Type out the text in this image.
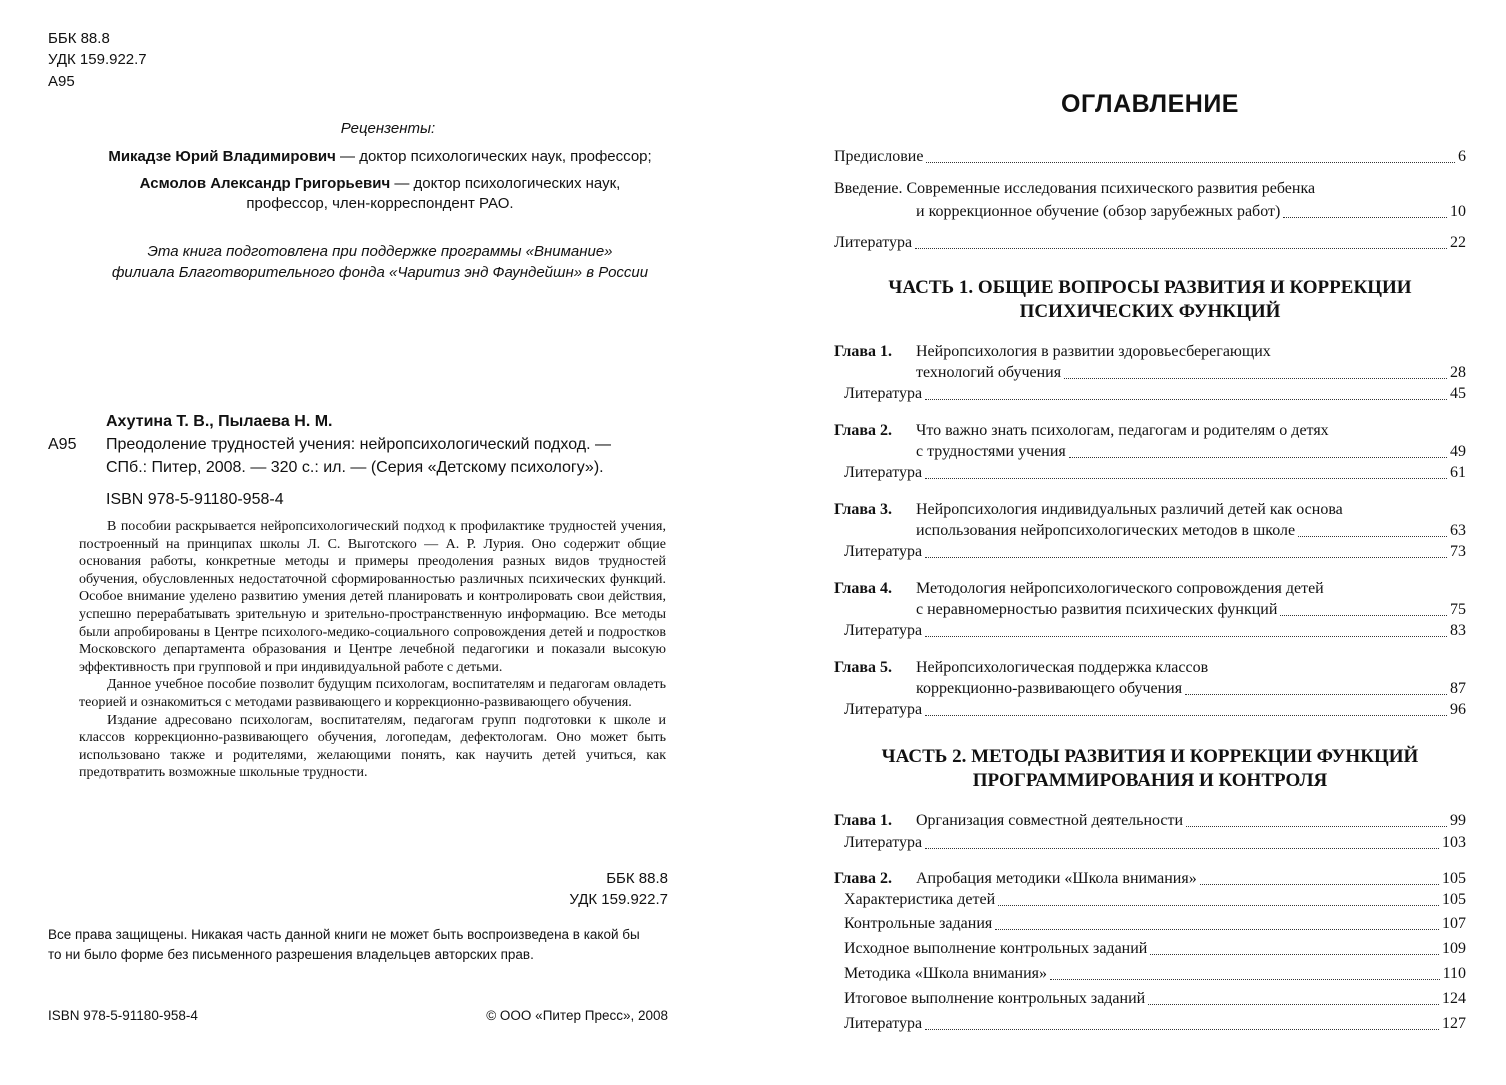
ББК 88.8
УДК 159.922.7
А95
Рецензенты:
Микадзе Юрий Владимирович — доктор психологических наук, профессор;
Асмолов Александр Григорьевич — доктор психологических наук,
профессор, член-корреспондент РАО.
Эта книга подготовлена при поддержке программы «Внимание»
филиала Благотворительного фонда «Чаритиз энд Фаундейшн» в России
Ахутина Т. В., Пылаева Н. М.
А95 Преодоление трудностей учения: нейропсихологический подход. —
СПб.: Питер, 2008. — 320 с.: ил. — (Серия «Детскому психологу»).
ISBN 978-5-91180-958-4

В пособии раскрывается нейропсихологический подход к профилактике трудностей учения, построенный на принципах школы Л. С. Выготского — А. Р. Лурия. Оно содержит общие основания работы, конкретные методы и примеры преодоления разных видов трудностей обучения, обусловленных недостаточной сформированностью различных психических функций. Особое внимание уделено развитию умения детей планировать и контролировать свои действия, успешно перерабатывать зрительную и зрительно-пространственную информацию. Все методы были апробированы в Центре психолого-медико-социального сопровождения детей и подростков Московского департамента образования и Центре лечебной педагогики и показали высокую эффективность при групповой и при индивидуальной работе с детьми.

Данное учебное пособие позволит будущим психологам, воспитателям и педагогам овладеть теорией и ознакомиться с методами развивающего и коррекционно-развивающего обучения.

Издание адресовано психологам, воспитателям, педагогам групп подготовки к школе и классов коррекционно-развивающего обучения, логопедам, дефектологам. Оно может быть использовано также и родителями, желающими понять, как научить детей учиться, как предотвратить возможные школьные трудности.

ББК 88.8
УДК 159.922.7
Все права защищены. Никакая часть данной книги не может быть воспроизведена в какой бы
то ни было форме без письменного разрешения владельцев авторских прав.
ISBN 978-5-91180-958-4	© ООО «Питер Пресс», 2008
ОГЛАВЛЕНИЕ
Предисловие	6
Введение. Современные исследования психического развития ребенка
и коррекционное обучение (обзор зарубежных работ)	10
Литература	22
ЧАСТЬ 1. ОБЩИЕ ВОПРОСЫ РАЗВИТИЯ И КОРРЕКЦИИ
ПСИХИЧЕСКИХ ФУНКЦИЙ
Глава 1. Нейропсихология в развитии здоровьесберегающих
технологий обучения	28
Литература	45
Глава 2. Что важно знать психологам, педагогам и родителям о детях
с трудностями учения	49
Литература	61
Глава 3. Нейропсихология индивидуальных различий детей как основа
использования нейропсихологических методов в школе	63
Литература	73
Глава 4. Методология нейропсихологического сопровождения детей
с неравномерностью развития психических функций	75
Литература	83
Глава 5. Нейропсихологическая поддержка классов
коррекционно-развивающего обучения	87
Литература	96
ЧАСТЬ 2. МЕТОДЫ РАЗВИТИЯ И КОРРЕКЦИИ ФУНКЦИЙ
ПРОГРАММИРОВАНИЯ И КОНТРОЛЯ
Глава 1. Организация совместной деятельности	99
Литература	103
Глава 2. Апробация методики «Школа внимания»	105
Характеристика детей	105
Контрольные задания	107
Исходное выполнение контрольных заданий	109
Методика «Школа внимания»	110
Итоговое выполнение контрольных заданий	124
Литература	127
